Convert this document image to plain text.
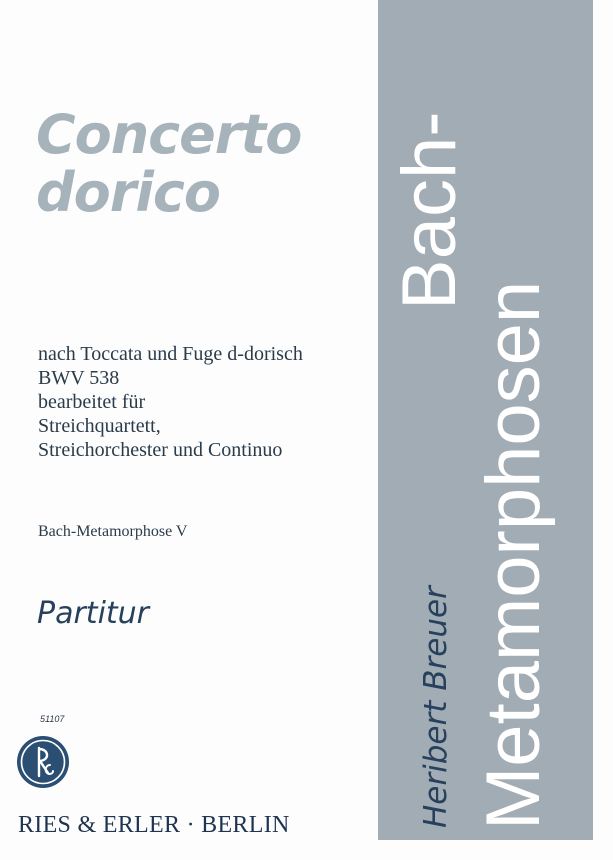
Concerto
dorico
nach Toccata und Fuge d-dorisch
BWV 538
bearbeitet für
Streichquartett,
Streichorchester und Continuo
Bach-Metamorphose V
Partitur
51107
RIES & ERLER · BERLIN
Bach-
Metamorphosen
Heribert Breuer
